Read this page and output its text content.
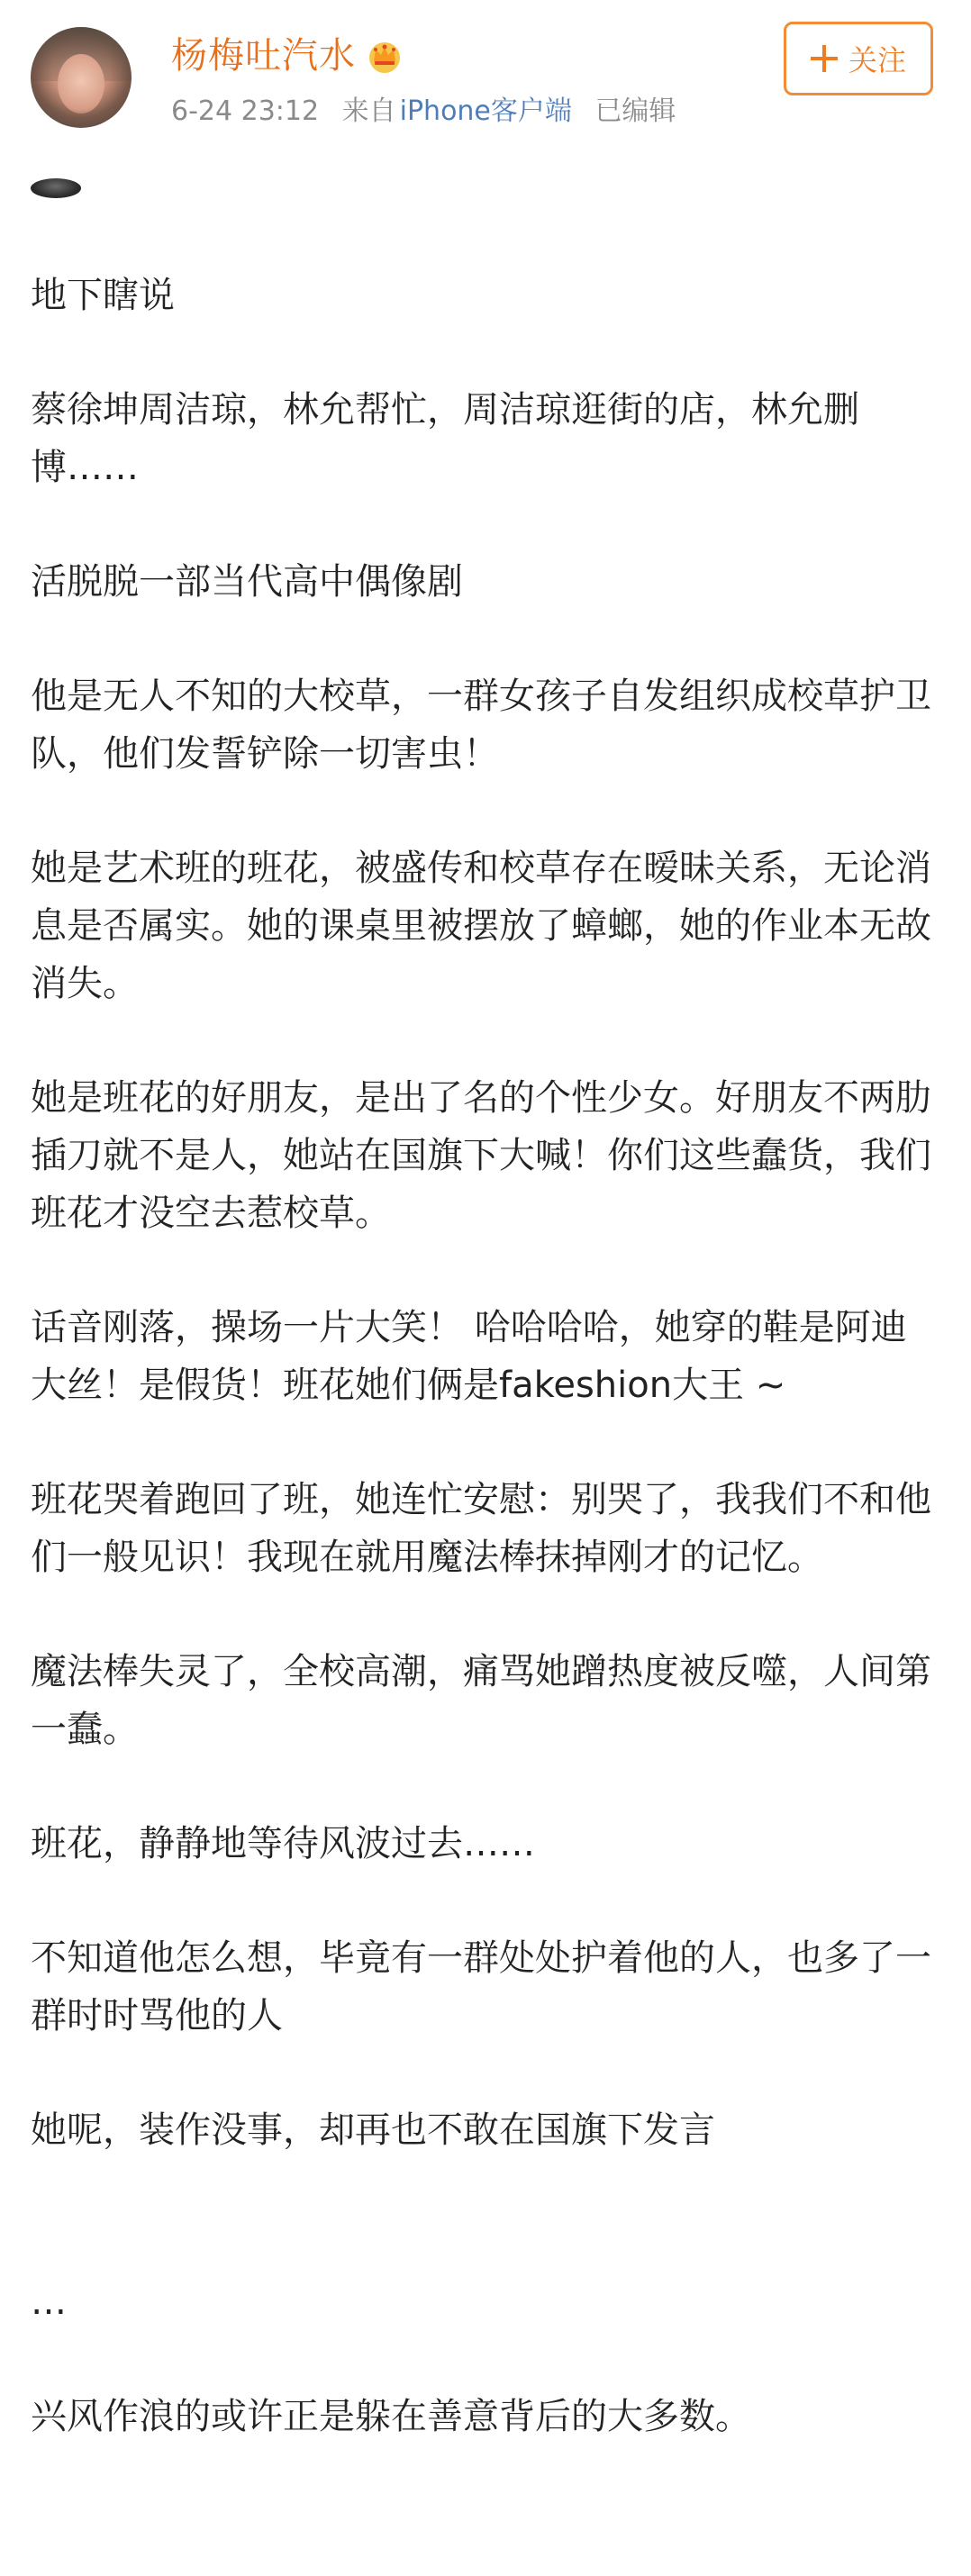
杨梅吐汽水
6-24 23:12 来自 iPhone客户端 已编辑
关注

地下瞎说

蔡徐坤周洁琼，林允帮忙，周洁琼逛街的店，林允删博……

活脱脱一部当代高中偶像剧

他是无人不知的大校草，一群女孩子自发组织成校草护卫队，他们发誓铲除一切害虫！

她是艺术班的班花，被盛传和校草存在暧昧关系，无论消息是否属实。她的课桌里被摆放了蟑螂，她的作业本无故消失。

她是班花的好朋友，是出了名的个性少女。好朋友不两肋插刀就不是人，她站在国旗下大喊！你们这些蠢货，我们班花才没空去惹校草。

话音刚落，操场一片大笑！ 哈哈哈哈，她穿的鞋是阿迪大丝！是假货！班花她们俩是fakeshion大王 ~

班花哭着跑回了班，她连忙安慰：别哭了，我我们不和他们一般见识！我现在就用魔法棒抹掉刚才的记忆。

魔法棒失灵了，全校高潮，痛骂她蹭热度被反噬，人间第一蠢。

班花，静静地等待风波过去……

不知道他怎么想，毕竟有一群处处护着他的人，也多了一群时时骂他的人

她呢，装作没事，却再也不敢在国旗下发言

…

兴风作浪的或许正是躲在善意背后的大多数。
